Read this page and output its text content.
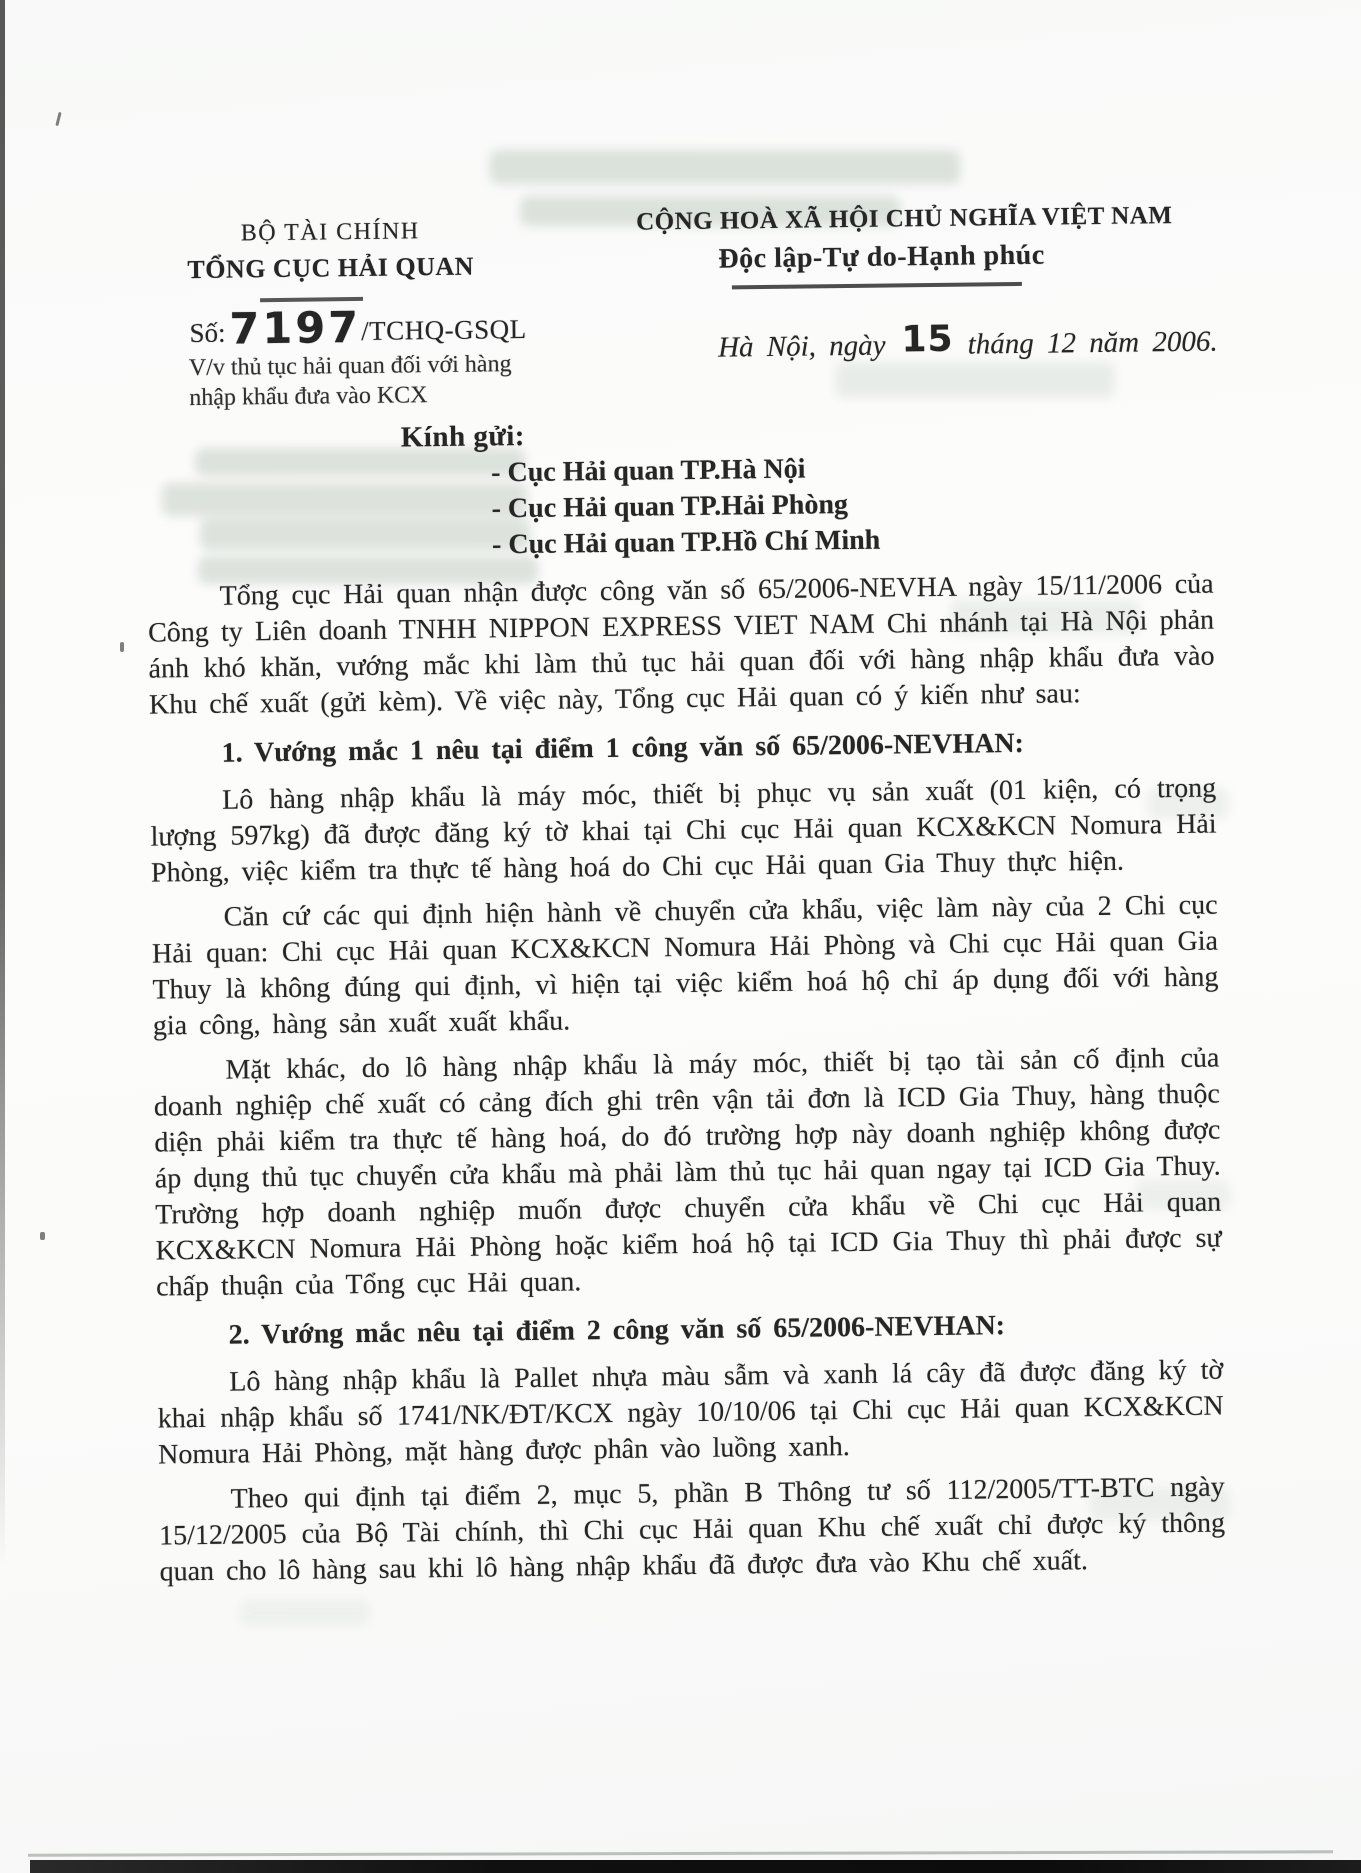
BỘ TÀI CHÍNH
TỔNG CỤC HẢI QUAN
Số:7197/TCHQ-GSQL
V/v thủ tục hải quan đối với hàng nhập khẩu đưa vào KCX
CỘNG HOÀ XÃ HỘI CHỦ NGHĨA VIỆT NAM
Độc lập-Tự do-Hạnh phúc
Hà Nội, ngày 15 tháng 12 năm 2006.
Kính gửi:
- Cục Hải quan TP.Hà Nội
- Cục Hải quan TP.Hải Phòng
- Cục Hải quan TP.Hồ Chí Minh

Tổng cục Hải quan nhận được công văn số 65/2006-NEVHA ngày 15/11/2006 của Công ty Liên doanh TNHH NIPPON EXPRESS VIET NAM Chi nhánh tại Hà Nội phản ánh khó khăn, vướng mắc khi làm thủ tục hải quan đối với hàng nhập khẩu đưa vào Khu chế xuất (gửi kèm). Về việc này, Tổng cục Hải quan có ý kiến như sau:

1. Vướng mắc 1 nêu tại điểm 1 công văn số 65/2006-NEVHAN:

Lô hàng nhập khẩu là máy móc, thiết bị phục vụ sản xuất (01 kiện, có trọng lượng 597kg) đã được đăng ký tờ khai tại Chi cục Hải quan KCX&KCN Nomura Hải Phòng, việc kiểm tra thực tế hàng hoá do Chi cục Hải quan Gia Thuy thực hiện.

Căn cứ các qui định hiện hành về chuyển cửa khẩu, việc làm này của 2 Chi cục Hải quan: Chi cục Hải quan KCX&KCN Nomura Hải Phòng và Chi cục Hải quan Gia Thuy là không đúng qui định, vì hiện tại việc kiểm hoá hộ chỉ áp dụng đối với hàng gia công, hàng sản xuất xuất khẩu.

Mặt khác, do lô hàng nhập khẩu là máy móc, thiết bị tạo tài sản cố định của doanh nghiệp chế xuất có cảng đích ghi trên vận tải đơn là ICD Gia Thuy, hàng thuộc diện phải kiểm tra thực tế hàng hoá, do đó trường hợp này doanh nghiệp không được áp dụng thủ tục chuyển cửa khẩu mà phải làm thủ tục hải quan ngay tại ICD Gia Thuy. Trường hợp doanh nghiệp muốn được chuyển cửa khẩu về Chi cục Hải quan KCX&KCN Nomura Hải Phòng hoặc kiểm hoá hộ tại ICD Gia Thuy thì phải được sự chấp thuận của Tổng cục Hải quan.

2. Vướng mắc nêu tại điểm 2 công văn số 65/2006-NEVHAN:

Lô hàng nhập khẩu là Pallet nhựa màu sẫm và xanh lá cây đã được đăng ký tờ khai nhập khẩu số 1741/NK/ĐT/KCX ngày 10/10/06 tại Chi cục Hải quan KCX&KCN Nomura Hải Phòng, mặt hàng được phân vào luồng xanh.

Theo qui định tại điểm 2, mục 5, phần B Thông tư số 112/2005/TT-BTC ngày 15/12/2005 của Bộ Tài chính, thì Chi cục Hải quan Khu chế xuất chỉ được ký thông quan cho lô hàng sau khi lô hàng nhập khẩu đã được đưa vào Khu chế xuất.
